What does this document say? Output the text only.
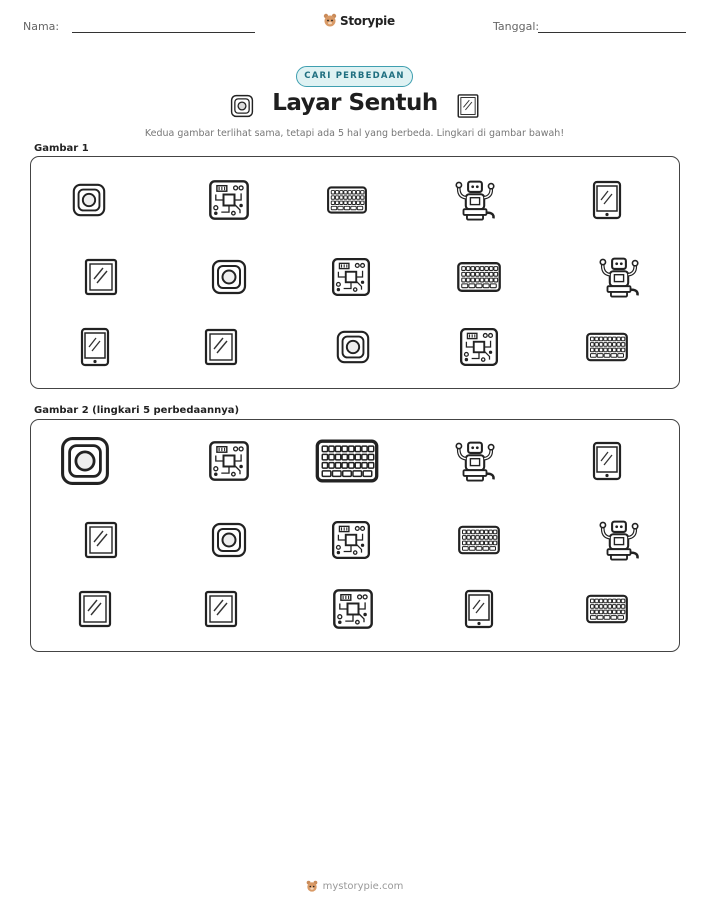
Nama:	Storypie	Tanggal:
CARI PERBEDAAN
Layar Sentuh
Kedua gambar terlihat sama, tetapi ada 5 hal yang berbeda. Lingkari di gambar bawah!
Gambar 1
Gambar 2 (lingkari 5 perbedaannya)
mystorypie.com
